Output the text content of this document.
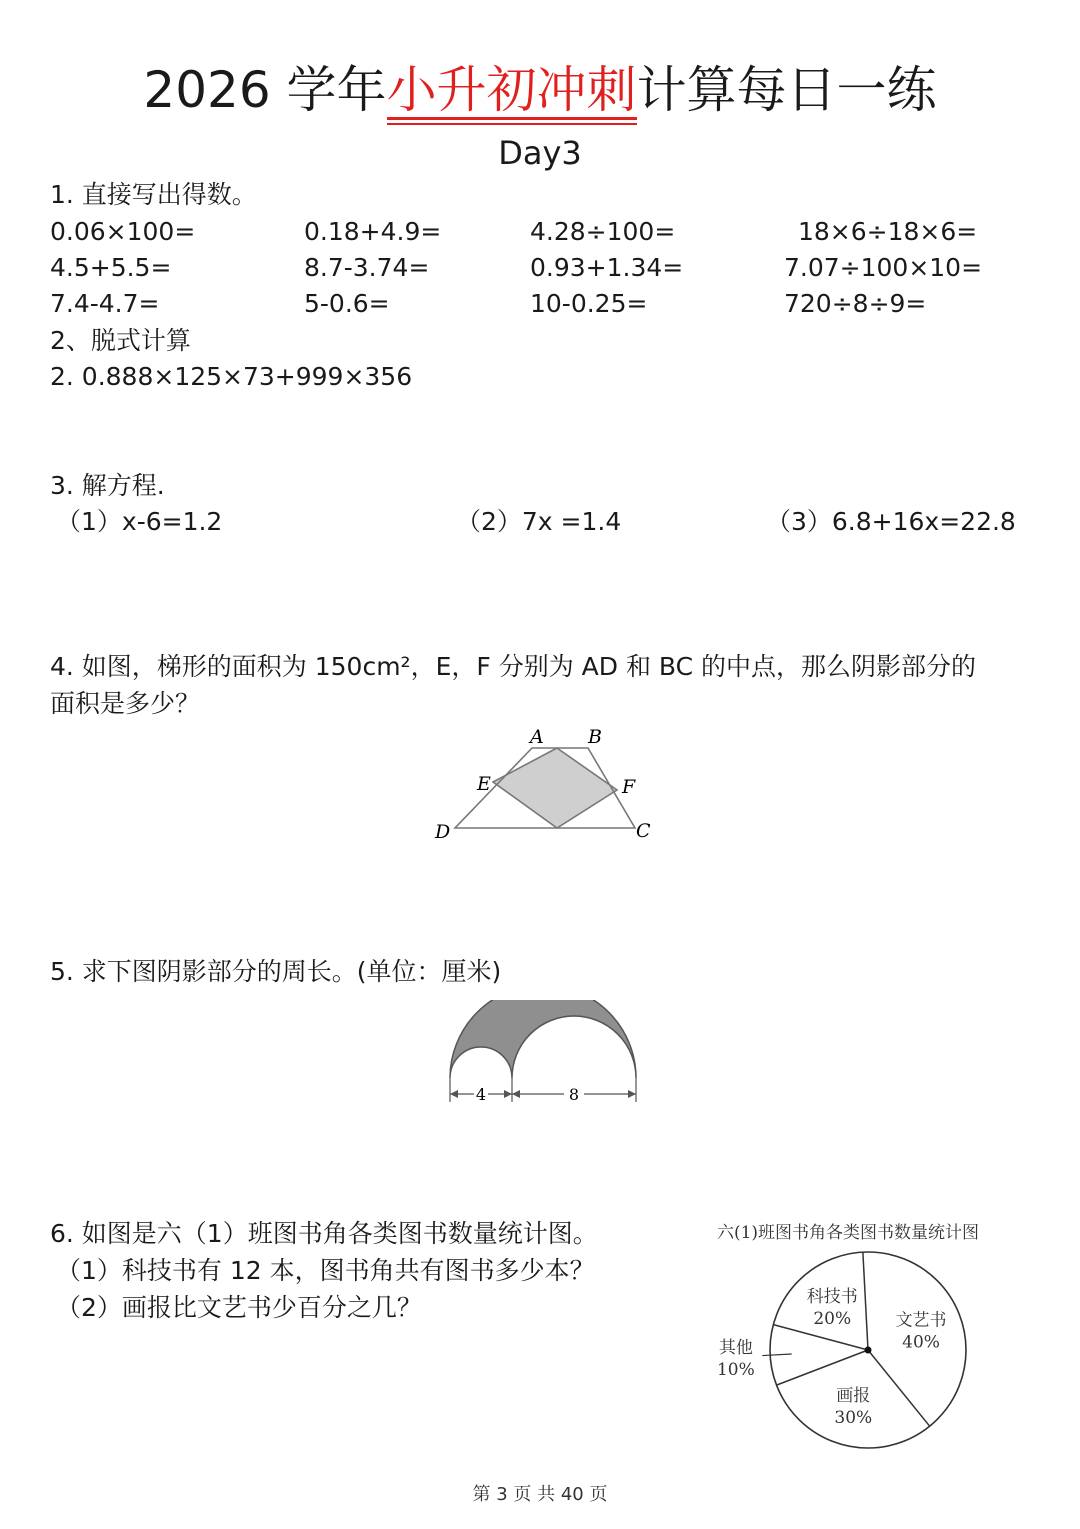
2026 学年小升初冲刺计算每日一练
Day3
1. 直接写出得数。
0.06×100=	0.18+4.9=	4.28÷100=	18×6÷18×6=
4.5+5.5=	8.7-3.74=	0.93+1.34=	7.07÷100×10=
7.4-4.7=	5-0.6=	10-0.25=	720÷8÷9=
2、脱式计算
2. 0.888×125×73+999×356
3. 解方程.
（1）x-6=1.2	（2）7x =1.4	（3）6.8+16x=22.8
4. 如图，梯形的面积为 150cm²，E，F 分别为 AD 和 BC 的中点，那么阴影部分的
面积是多少？
A B
C
D
E	F
5. 求下图阴影部分的周长。(单位：厘米)
4	8
6. 如图是六（1）班图书角各类图书数量统计图。
（1）科技书有 12 本，图书角共有图书多少本？
（2）画报比文艺书少百分之几？
六(1)班图书角各类图书数量统计图
文艺书
40%
画报
30%
其他
10%
科技书
20%
第 3 页 共 40 页
